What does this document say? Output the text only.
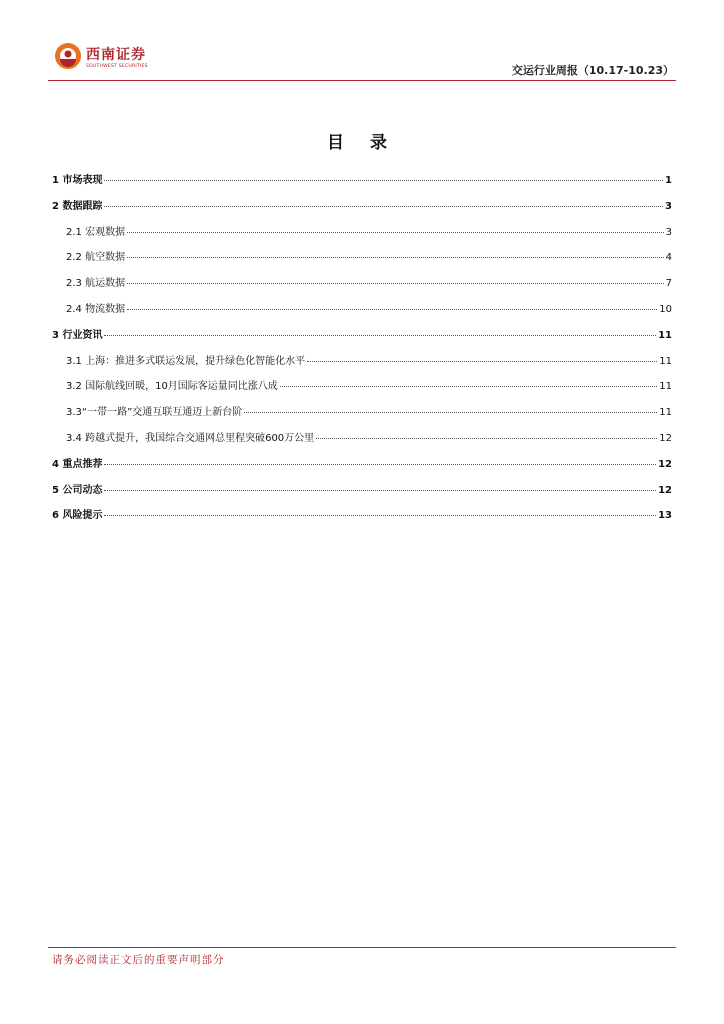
西南证券
SOUTHWEST SECURITIES	交运行业周报（10.17-10.23）
目 录
1 市场表现	1
2 数据跟踪	3
2.1 宏观数据	3
2.2 航空数据	4
2.3 航运数据	7
2.4 物流数据	10
3 行业资讯	11
3.1 上海：推进多式联运发展，提升绿色化智能化水平	11
3.2 国际航线回暖，10月国际客运量同比涨八成	11
3.3“一带一路”交通互联互通迈上新台阶	11
3.4 跨越式提升，我国综合交通网总里程突破600万公里	12
4 重点推荐	12
5 公司动态	12
6 风险提示	13
请务必阅读正文后的重要声明部分
